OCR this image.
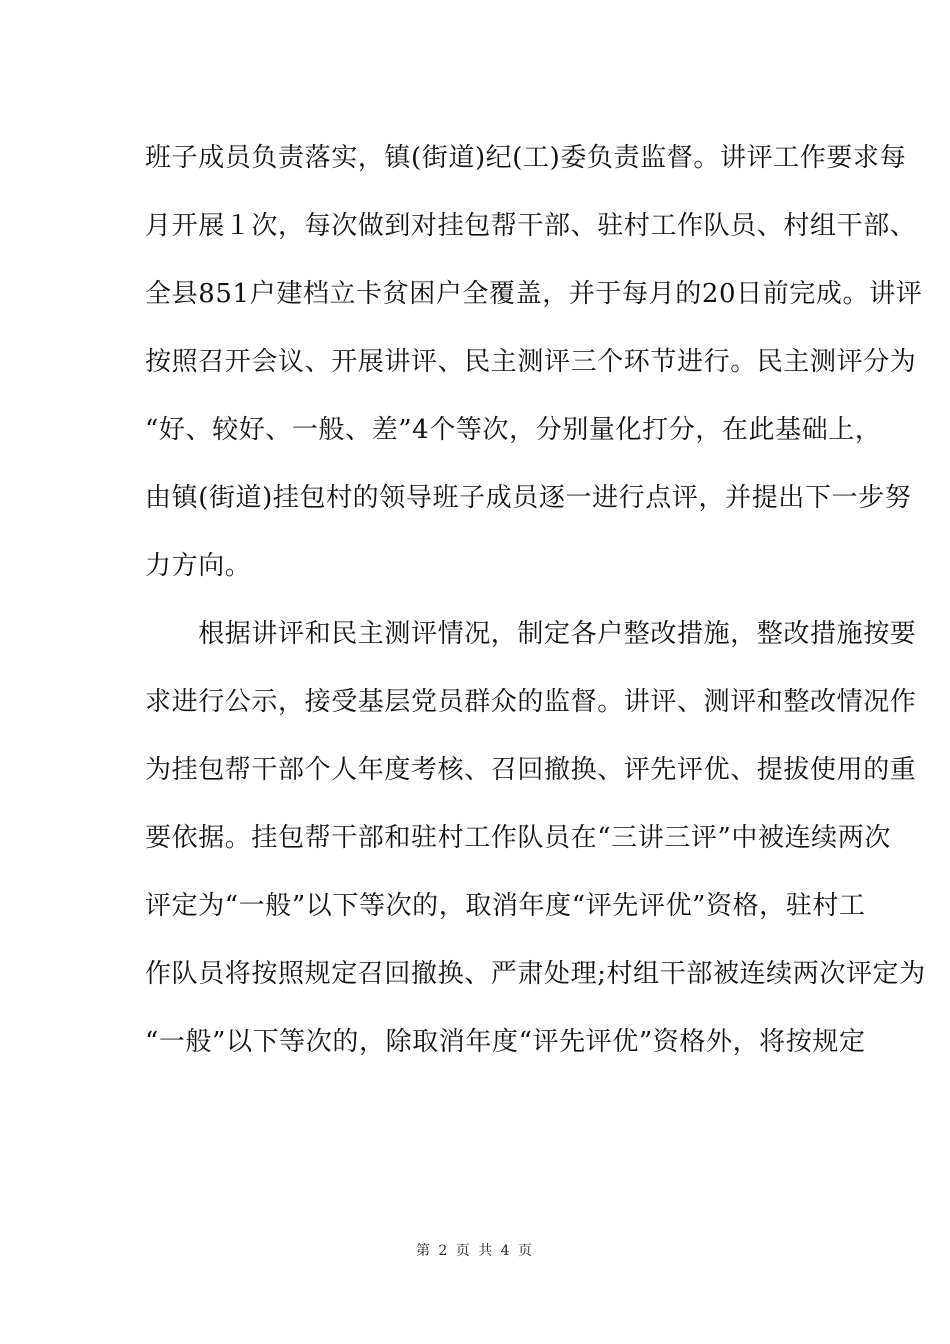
班子成员负责落实，镇(街道)纪(工)委负责监督。讲评工作要求每
月开展１次，每次做到对挂包帮干部、驻村工作队员、村组干部、
全县851户建档立卡贫困户全覆盖，并于每月的20日前完成。讲评
按照召开会议、开展讲评、民主测评三个环节进行。民主测评分为
“好、较好、一般、差”4个等次，分别量化打分，在此基础上，
由镇(街道)挂包村的领导班子成员逐一进行点评，并提出下一步努
力方向。
　　根据讲评和民主测评情况，制定各户整改措施，整改措施按要
求进行公示，接受基层党员群众的监督。讲评、测评和整改情况作
为挂包帮干部个人年度考核、召回撤换、评先评优、提拔使用的重
要依据。挂包帮干部和驻村工作队员在“三讲三评”中被连续两次
评定为“一般”以下等次的，取消年度“评先评优”资格，驻村工
作队员将按照规定召回撤换、严肃处理;村组干部被连续两次评定为
“一般”以下等次的，除取消年度“评先评优”资格外，将按规定
第 2 页 共 4 页
